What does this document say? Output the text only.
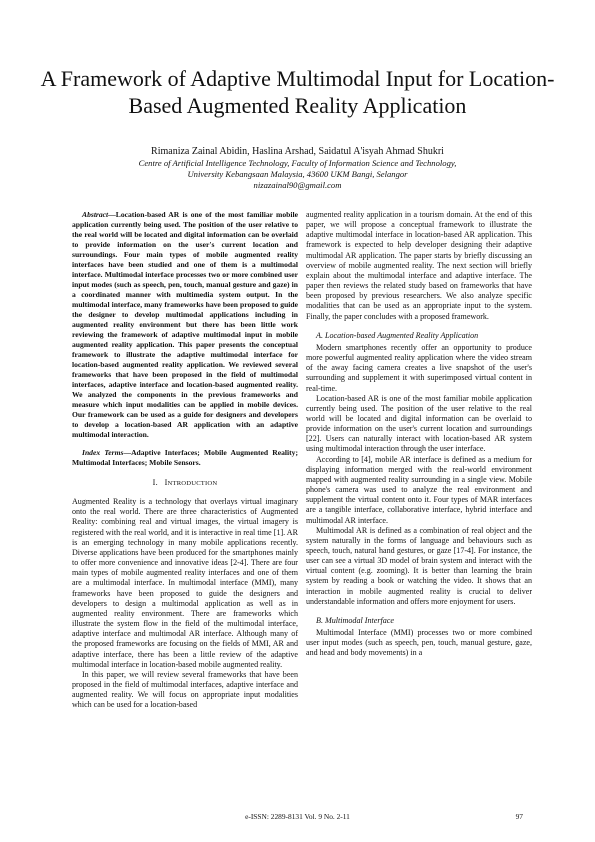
A Framework of Adaptive Multimodal Input for Location-Based Augmented Reality Application
Rimaniza Zainal Abidin, Haslina Arshad, Saidatul A'isyah Ahmad Shukri
Centre of Artificial Intelligence Technology, Faculty of Information Science and Technology,
University Kebangsaan Malaysia, 43600 UKM Bangi, Selangor
nizazainal90@gmail.com

Abstract—Location-based AR is one of the most familiar mobile application currently being used. The position of the user relative to the real world will be located and digital information can be overlaid to provide information on the user's current location and surroundings. Four main types of mobile augmented reality interfaces have been studied and one of them is a multimodal interface. Multimodal interface processes two or more combined user input modes (such as speech, pen, touch, manual gesture and gaze) in a coordinated manner with multimedia system output. In the multimodal interface, many frameworks have been proposed to guide the designer to develop multimodal applications including in augmented reality environment but there has been little work reviewing the framework of adaptive multimodal input in mobile augmented reality application. This paper presents the conceptual framework to illustrate the adaptive multimodal interface for location-based augmented reality application. We reviewed several frameworks that have been proposed in the field of multimodal interfaces, adaptive interface and location-based augmented reality. We analyzed the components in the previous frameworks and measure which input modalities can be applied in mobile devices. Our framework can be used as a guide for designers and developers to develop a location-based AR application with an adaptive multimodal interaction.

Index Terms—Adaptive Interfaces; Mobile Augmented Reality; Multimodal Interfaces; Mobile Sensors.

I. INTRODUCTION

Augmented Reality is a technology that overlays virtual imaginary onto the real world. There are three characteristics of Augmented Reality: combining real and virtual images, the virtual imagery is registered with the real world, and it is interactive in real time [1]. AR is an emerging technology in many mobile applications recently. Diverse applications have been produced for the smartphones mainly to offer more convenience and innovative ideas [2-4]. There are four main types of mobile augmented reality interfaces and one of them are a multimodal interface. In multimodal interface (MMI), many frameworks have been proposed to guide the designers and developers to design a multimodal application as well as in augmented reality environment. There are frameworks which illustrate the system flow in the field of the multimodal interface, adaptive interface and multimodal AR interface. Although many of the proposed frameworks are focusing on the fields of MMI, AR and adaptive interface, there has been a little review of the adaptive multimodal interface in location-based mobile augmented reality.

In this paper, we will review several frameworks that have been proposed in the field of multimodal interfaces, adaptive interface and augmented reality. We will focus on appropriate input modalities which can be used for a location-based

augmented reality application in a tourism domain. At the end of this paper, we will propose a conceptual framework to illustrate the adaptive multimodal interface in location-based AR application. This framework is expected to help developer designing their adaptive multimodal AR application. The paper starts by briefly discussing an overview of mobile augmented reality. The next section will briefly explain about the multimodal interface and adaptive interface. The paper then reviews the related study based on frameworks that have been proposed by previous researchers. We also analyze specific modalities that can be used as an appropriate input to the system. Finally, the paper concludes with a proposed framework.

A. Location-based Augmented Reality Application

Modern smartphones recently offer an opportunity to produce more powerful augmented reality application where the video stream of the away facing camera creates a live snapshot of the user's surrounding and supplement it with superimposed virtual content in real-time.

Location-based AR is one of the most familiar mobile application currently being used. The position of the user relative to the real world will be located and digital information can be overlaid to provide information on the user's current location and surroundings [22]. Users can naturally interact with location-based AR system using multimodal interaction through the user interface.

According to [4], mobile AR interface is defined as a medium for displaying information merged with the real-world environment mapped with augmented reality surrounding in a single view. Mobile phone's camera was used to analyze the real environment and supplement the virtual content onto it. Four types of MAR interfaces are a tangible interface, collaborative interface, hybrid interface and multimodal AR interface.

Multimodal AR is defined as a combination of real object and the system naturally in the forms of language and behaviours such as speech, touch, natural hand gestures, or gaze [17-4]. For instance, the user can see a virtual 3D model of brain system and interact with the virtual content (e.g. zooming). It is better than learning the brain system by reading a book or watching the video. It shows that an interaction in mobile augmented reality is crucial to deliver understandable information and offers more enjoyment for users.

B. Multimodal Interface

Multimodal Interface (MMI) processes two or more combined user input modes (such as speech, pen, touch, manual gesture, gaze, and head and body movements) in a

e-ISSN: 2289-8131 Vol. 9 No. 2-11	97
